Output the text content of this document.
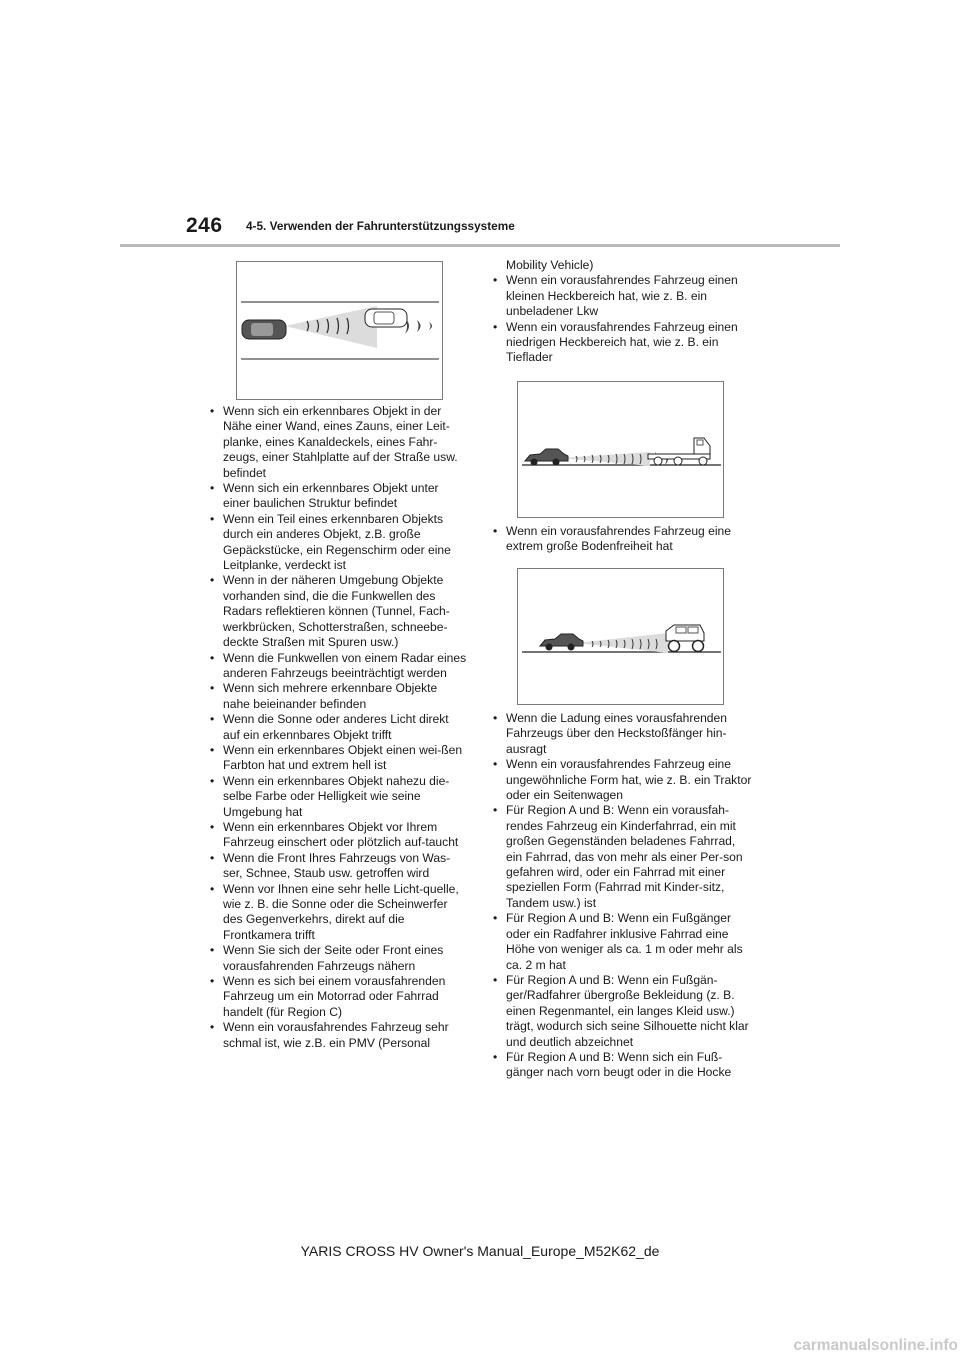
246 4-5. Verwenden der Fahrunterstützungssysteme
• Wenn sich ein erkennbares Objekt in der Nähe einer Wand, eines Zauns, einer Leit-planke, eines Kanaldeckels, eines Fahr-zeugs, einer Stahlplatte auf der Straße usw. befindet
• Wenn sich ein erkennbares Objekt unter einer baulichen Struktur befindet
• Wenn ein Teil eines erkennbaren Objekts durch ein anderes Objekt, z.B. große Gepäckstücke, ein Regenschirm oder eine Leitplanke, verdeckt ist
• Wenn in der näheren Umgebung Objekte vorhanden sind, die die Funkwellen des Radars reflektieren können (Tunnel, Fach-werkbrücken, Schotterstraßen, schneebe-deckte Straßen mit Spuren usw.)
• Wenn die Funkwellen von einem Radar eines anderen Fahrzeugs beeinträchtigt werden
• Wenn sich mehrere erkennbare Objekte nahe beieinander befinden
• Wenn die Sonne oder anderes Licht direkt auf ein erkennbares Objekt trifft
• Wenn ein erkennbares Objekt einen wei-ßen Farbton hat und extrem hell ist
• Wenn ein erkennbares Objekt nahezu die-selbe Farbe oder Helligkeit wie seine Umgebung hat
• Wenn ein erkennbares Objekt vor Ihrem Fahrzeug einschert oder plötzlich auf-taucht
• Wenn die Front Ihres Fahrzeugs von Was-ser, Schnee, Staub usw. getroffen wird
• Wenn vor Ihnen eine sehr helle Licht-quelle, wie z. B. die Sonne oder die Scheinwerfer des Gegenverkehrs, direkt auf die Frontkamera trifft
• Wenn Sie sich der Seite oder Front eines vorausfahrenden Fahrzeugs nähern
• Wenn es sich bei einem vorausfahrenden Fahrzeug um ein Motorrad oder Fahrrad handelt (für Region C)
• Wenn ein vorausfahrendes Fahrzeug sehr schmal ist, wie z.B. ein PMV (Personal
Mobility Vehicle)
• Wenn ein vorausfahrendes Fahrzeug einen kleinen Heckbereich hat, wie z. B. ein unbeladener Lkw
• Wenn ein vorausfahrendes Fahrzeug einen niedrigen Heckbereich hat, wie z. B. ein Tieflader
• Wenn ein vorausfahrendes Fahrzeug eine extrem große Bodenfreiheit hat
• Wenn die Ladung eines vorausfahrenden Fahrzeugs über den Heckstoßfänger hin-ausragt
• Wenn ein vorausfahrendes Fahrzeug eine ungewöhnliche Form hat, wie z. B. ein Traktor oder ein Seitenwagen
• Für Region A und B: Wenn ein vorausfah-rendes Fahrzeug ein Kinderfahrrad, ein mit großen Gegenständen beladenes Fahrrad, ein Fahrrad, das von mehr als einer Per-son gefahren wird, oder ein Fahrrad mit einer speziellen Form (Fahrrad mit Kinder-sitz, Tandem usw.) ist
• Für Region A und B: Wenn ein Fußgänger oder ein Radfahrer inklusive Fahrrad eine Höhe von weniger als ca. 1 m oder mehr als ca. 2 m hat
• Für Region A und B: Wenn ein Fußgän-ger/Radfahrer übergroße Bekleidung (z. B. einen Regenmantel, ein langes Kleid usw.) trägt, wodurch sich seine Silhouette nicht klar und deutlich abzeichnet
• Für Region A und B: Wenn sich ein Fuß-gänger nach vorn beugt oder in die Hocke
YARIS CROSS HV Owner's Manual_Europe_M52K62_de
carmanualsonline.info
